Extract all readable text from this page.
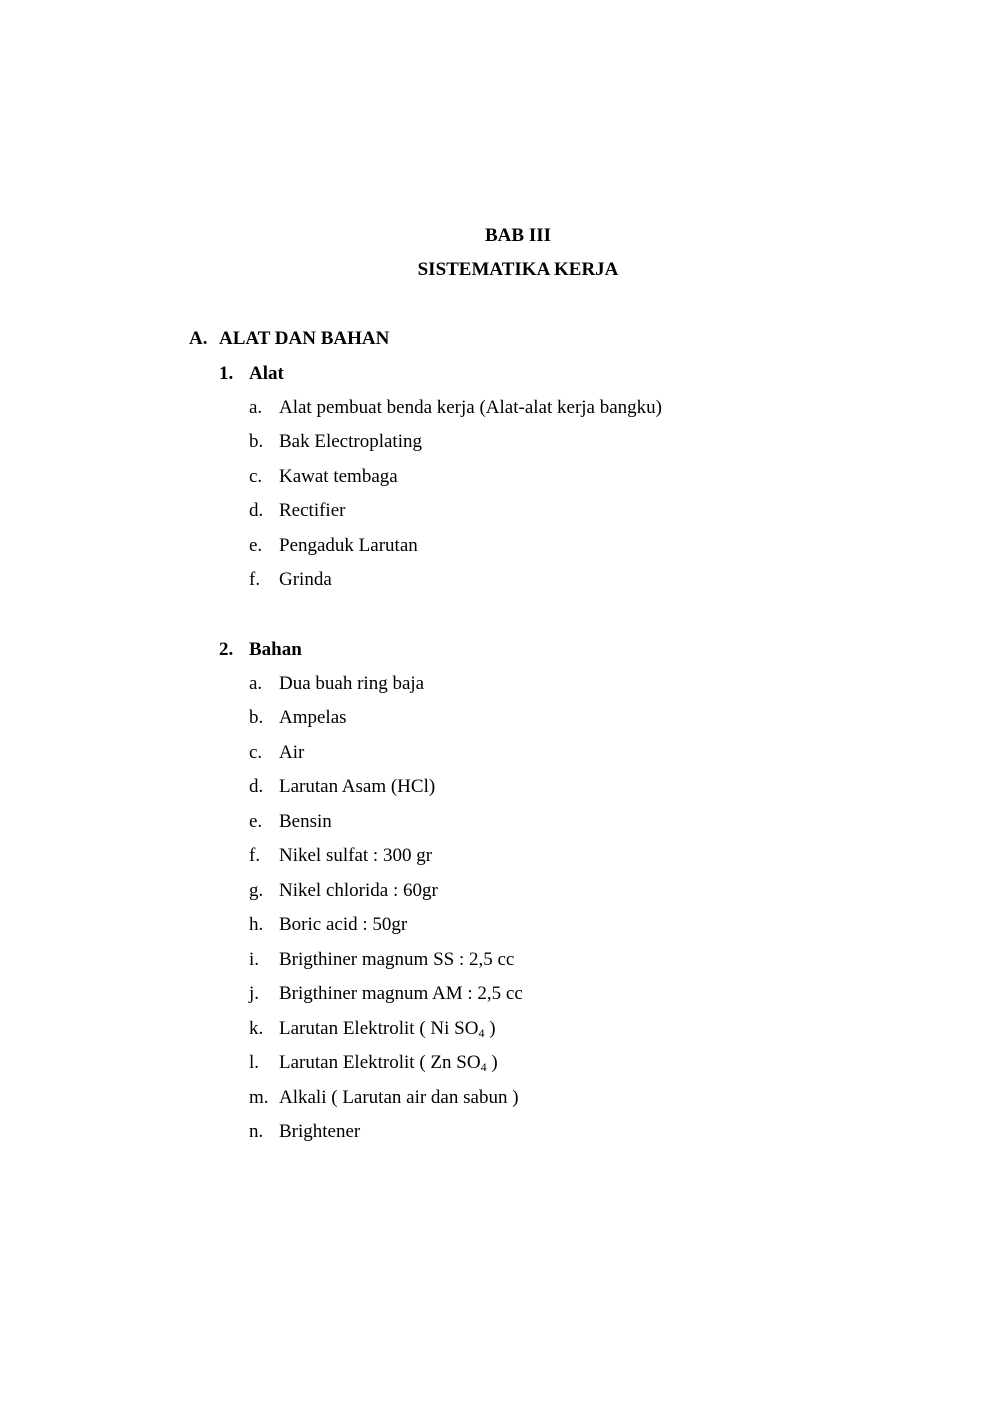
BAB III
SISTEMATIKA KERJA
A. ALAT DAN BAHAN
1. Alat
a. Alat pembuat benda kerja (Alat-alat kerja bangku)
b. Bak Electroplating
c. Kawat tembaga
d. Rectifier
e. Pengaduk Larutan
f. Grinda
2. Bahan
a. Dua buah ring baja
b. Ampelas
c. Air
d. Larutan Asam (HCl)
e. Bensin
f. Nikel sulfat : 300 gr
g. Nikel chlorida : 60gr
h. Boric acid : 50gr
i. Brigthiner magnum SS : 2,5 cc
j. Brigthiner magnum AM : 2,5 cc
k. Larutan Elektrolit ( Ni $SO_4$ )
l. Larutan Elektrolit ( Zn $SO_4$ )
m. Alkali ( Larutan air dan sabun )
n. Brightener
